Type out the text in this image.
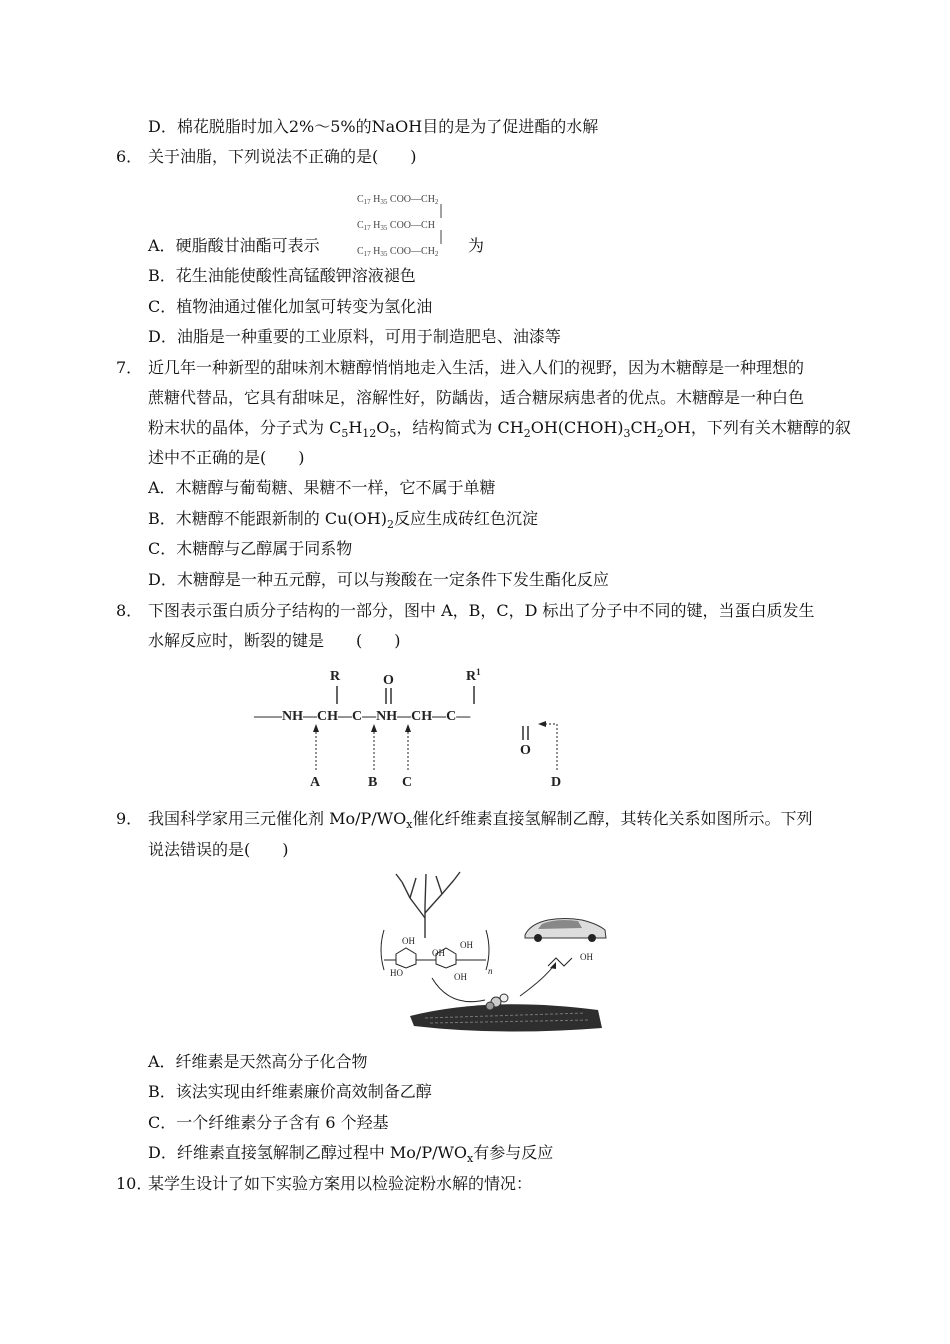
D．棉花脱脂时加入2%～5%的NaOH目的是为了促进酯的水解
6． 关于油脂，下列说法不正确的是(　　)
$C_{17}$ $H_{35}$ $COO—CH_2$
$C_{17}$ $H_{35}$ COO—CH
$C_{17}$ $H_{35}$ $COO—CH_2$
A．硬脂酸甘油酯可表示	为
B．花生油能使酸性高锰酸钾溶液褪色
C．植物油通过催化加氢可转变为氢化油
D．油脂是一种重要的工业原料，可用于制造肥皂、油漆等
7． 近几年一种新型的甜味剂木糖醇悄悄地走入生活，进入人们的视野，因为木糖醇是一种理想的
蔗糖代替品，它具有甜味足，溶解性好，防龋齿，适合糖尿病患者的优点。木糖醇是一种白色
粉末状的晶体，分子式为 $C_5H_{12}O_5$，结构简式为 $CH_2OH(CHOH)_3CH_2OH$，下列有关木糖醇的叙
述中不正确的是(　　)
A．木糖醇与葡萄糖、果糖不一样，它不属于单糖
B．木糖醇不能跟新制的 $Cu(OH)_2$反应生成砖红色沉淀
C．木糖醇与乙醇属于同系物
D．木糖醇是一种五元醇，可以与羧酸在一定条件下发生酯化反应
8． 下图表示蛋白质分子结构的一部分，图中 A，B，C，D 标出了分子中不同的键，当蛋白质发生
水解反应时，断裂的键是　　(　　)
R	$R^1$
O
O
——NH—CH—C—NH—CH—C—
A	B C	D
9． 我国科学家用三元催化剂 $Mo/P/WO_x$催化纤维素直接氢解制乙醇，其转化关系如图所示。下列
说法错误的是(　　)
OH
OH
HO
OH
OH
n
OH
A．纤维素是天然高分子化合物
B．该法实现由纤维素廉价高效制备乙醇
C．一个纤维素分子含有 6 个羟基
D．纤维素直接氢解制乙醇过程中 $Mo/P/WO_x$有参与反应
10．
某学生设计了如下实验方案用以检验淀粉水解的情况：
